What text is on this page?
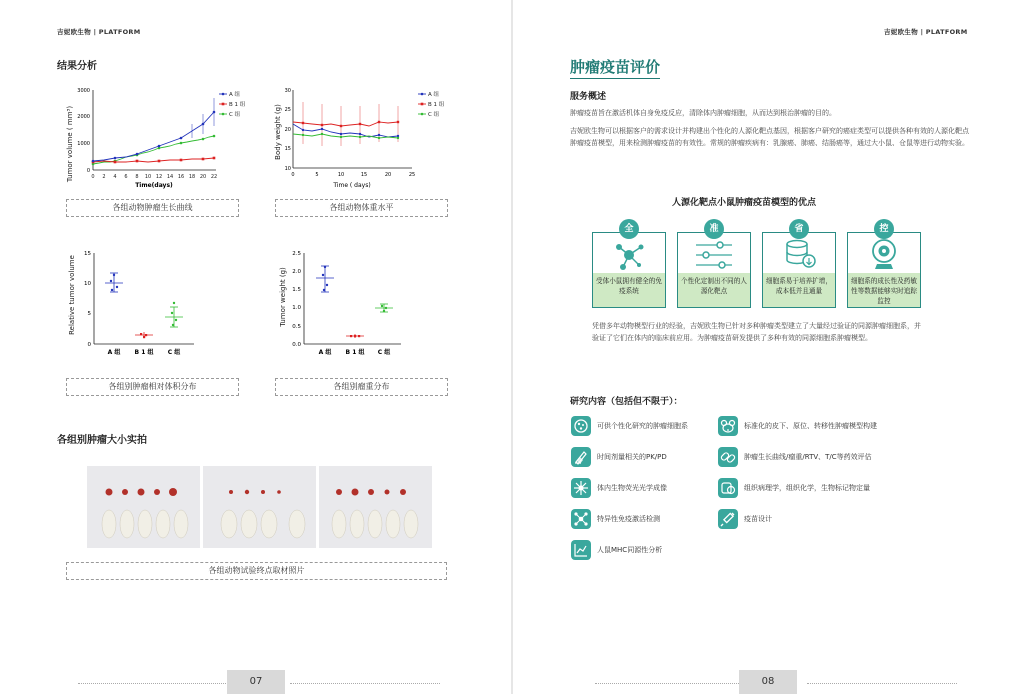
吉妮欧生物 | PLATFORM
结果分析
Tumor volume ( mm³)
3000
2000
1000
0
0 2 4 6 8 10 12 14 16 18 20 22
Time(days)
A 组
B 1 组
C 组	Body weight (g)
30
25
20
15
10
0	5	10	15	20	25
Time ( days)
A 组
B 1 组
C 组
各组动物肿瘤生长曲线	各组动物体重水平
Relative tumor volume
15
10
5
0
A 组 B 1 组 C 组
Tumor weight (g)
2.5
2.0
1.5
1.0
0.5
0.0
A 组 B 1 组 C 组
各组别肿瘤相对体积分布	各组别瘤重分布
各组别肿瘤大小实拍
各组动物试验终点取材照片
07
吉妮欧生物 | PLATFORM
肿瘤疫苗评价
服务概述
肿瘤疫苗旨在激活机体自身免疫反应，清除体内肿瘤细胞，从而达到根治肿瘤的目的。
吉妮欧生物可以根据客户的需求设计并构建出个性化的人源化靶点基因，根据客户研究的癌症类型可以提供各种有效的人源化靶点肿瘤疫苗模型，用来检测肿瘤疫苗的有效性。常规的肿瘤疾病有：乳腺癌、肺癌、结肠癌等，通过大小鼠、仓鼠等进行动物实验。
人源化靶点小鼠肿瘤疫苗模型的优点
受体小鼠拥有健全的免疫系统
全
个性化定制出不同的人源化靶点
准
细胞系易于培养扩增，成本低并且通量
省
细胞系的成长性及药敏性等数据能够实时追踪监控
控
凭借多年动物模型行业的经验，吉妮欧生物已针对多种肿瘤类型建立了大量经过验证的同源肿瘤细胞系，并验证了它们在体内的临床前应用。为肿瘤疫苗研发提供了多种有效的同源细胞系肿瘤模型。
研究内容（包括但不限于）：
可供个性化研究的肿瘤细胞系	标准化的皮下、原位、转移性肿瘤模型构建
时间剂量相关的PK/PD	肿瘤生长曲线/瘤重/RTV、T/C等药效评估
体内生物荧光光学成像	组织病理学，组织化学，生物标记物定量
特异性免疫激活检测	疫苗设计
人鼠MHC同源性分析
08
